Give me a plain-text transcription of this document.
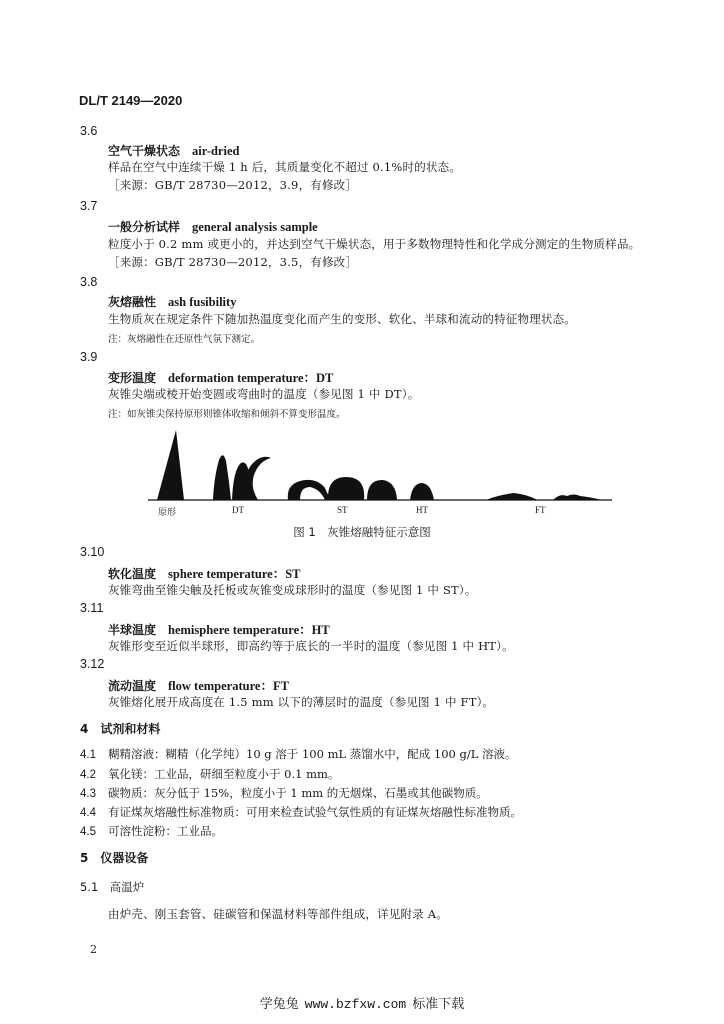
DL/T 2149—2020
3.6
空气干燥状态 air-dried
样品在空气中连续干燥 1 h 后，其质量变化不超过 0.1%时的状态。
［来源：GB/T 28730—2012，3.9，有修改］
3.7
一般分析试样 general analysis sample
粒度小于 0.2 mm 或更小的，并达到空气干燥状态，用于多数物理特性和化学成分测定的生物质样品。
［来源：GB/T 28730—2012，3.5，有修改］
3.8
灰熔融性 ash fusibility
生物质灰在规定条件下随加热温度变化而产生的变形、软化、半球和流动的特征物理状态。
注：灰熔融性在还原性气氛下测定。
3.9
变形温度 deformation temperature：DT
灰锥尖端或棱开始变圆或弯曲时的温度（参见图 1 中 DT）。
注：如灰锥尖保持原形则锥体收缩和倾斜不算变形温度。
原形	DT	ST	HT	FT
图 1　灰锥熔融特征示意图
3.10
软化温度 sphere temperature：ST
灰锥弯曲至锥尖触及托板或灰锥变成球形时的温度（参见图 1 中 ST）。
3.11
半球温度 hemisphere temperature：HT
灰锥形变至近似半球形，即高约等于底长的一半时的温度（参见图 1 中 HT）。
3.12
流动温度 flow temperature：FT
灰锥熔化展开成高度在 1.5 mm 以下的薄层时的温度（参见图 1 中 FT）。
4　试剂和材料
4.1 糊精溶液：糊精（化学纯）10 g 溶于 100 mL 蒸馏水中，配成 100 g/L 溶液。
4.2 氧化镁：工业品，研细至粒度小于 0.1 mm。
4.3 碳物质：灰分低于 15%，粒度小于 1 mm 的无烟煤、石墨或其他碳物质。
4.4 有证煤灰熔融性标准物质：可用来检查试验气氛性质的有证煤灰熔融性标准物质。
4.5 可溶性淀粉：工业品。
5　仪器设备
5.1　高温炉
由炉壳、刚玉套管、硅碳管和保温材料等部件组成，详见附录 A。
2
学兔兔 www.bzfxw.com 标准下载
